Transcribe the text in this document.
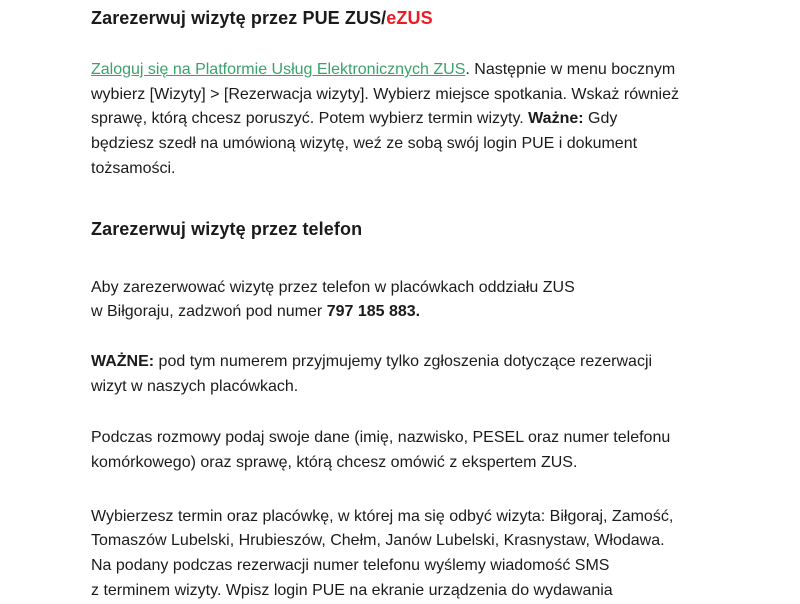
Zarezerwuj wizytę przez PUE ZUS/eZUS
Zaloguj się na Platformie Usług Elektronicznych ZUS. Następnie w menu bocznym
wybierz [Wizyty] > [Rezerwacja wizyty]. Wybierz miejsce spotkania. Wskaż również
sprawę, którą chcesz poruszyć. Potem wybierz termin wizyty. Ważne: Gdy
będziesz szedł na umówioną wizytę, weź ze sobą swój login PUE i dokument
tożsamości.
Zarezerwuj wizytę przez telefon
Aby zarezerwować wizytę przez telefon w placówkach oddziału ZUS
w Biłgoraju, zadzwoń pod numer 797 185 883.
WAŻNE: pod tym numerem przyjmujemy tylko zgłoszenia dotyczące rezerwacji
wizyt w naszych placówkach.
Podczas rozmowy podaj swoje dane (imię, nazwisko, PESEL oraz numer telefonu
komórkowego) oraz sprawę, którą chcesz omówić z ekspertem ZUS.
Wybierzesz termin oraz placówkę, w której ma się odbyć wizyta: Biłgoraj, Zamość,
Tomaszów Lubelski, Hrubieszów, Chełm, Janów Lubelski, Krasnystaw, Włodawa.
Na podany podczas rezerwacji numer telefonu wyślemy wiadomość SMS
z terminem wizyty. Wpisz login PUE na ekranie urządzenia do wydawania
